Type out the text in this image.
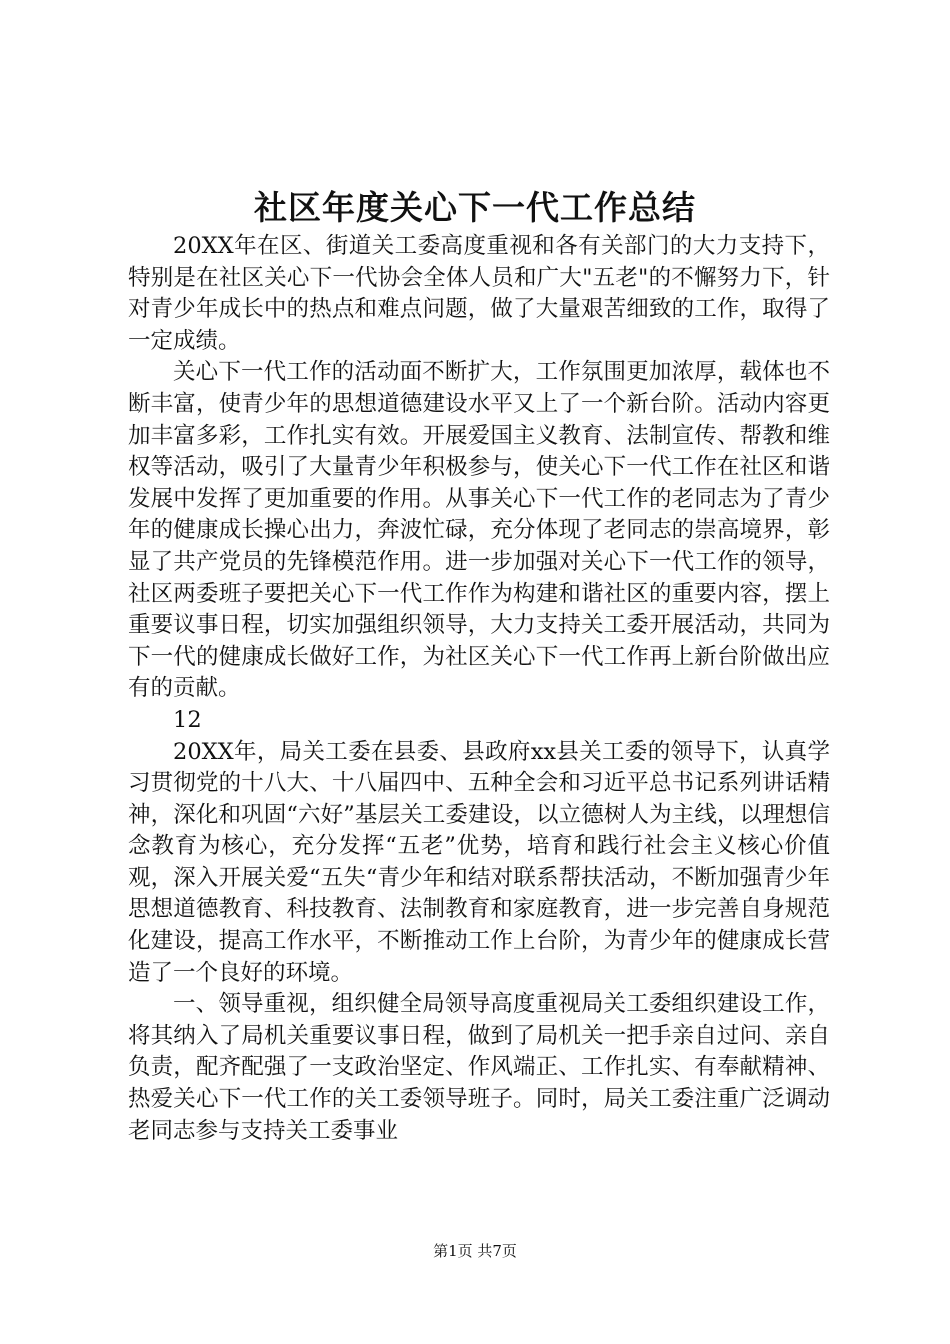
社区年度关心下一代工作总结

20XX年在区、街道关工委高度重视和各有关部门的大力支持下，特别是在社区关心下一代协会全体人员和广大"五老"的不懈努力下，针对青少年成长中的热点和难点问题，做了大量艰苦细致的工作，取得了一定成绩。

关心下一代工作的活动面不断扩大，工作氛围更加浓厚，载体也不断丰富，使青少年的思想道德建设水平又上了一个新台阶。活动内容更加丰富多彩，工作扎实有效。开展爱国主义教育、法制宣传、帮教和维权等活动，吸引了大量青少年积极参与，使关心下一代工作在社区和谐发展中发挥了更加重要的作用。从事关心下一代工作的老同志为了青少年的健康成长操心出力，奔波忙碌，充分体现了老同志的崇高境界，彰显了共产党员的先锋模范作用。进一步加强对关心下一代工作的领导，社区两委班子要把关心下一代工作作为构建和谐社区的重要内容，摆上重要议事日程，切实加强组织领导，大力支持关工委开展活动，共同为下一代的健康成长做好工作，为社区关心下一代工作再上新台阶做出应有的贡献。

12

20XX年，局关工委在县委、县政府xx县关工委的领导下，认真学习贯彻党的十八大、十八届四中、五种全会和习近平总书记系列讲话精神，深化和巩固“六好”基层关工委建设，以立德树人为主线，以理想信念教育为核心，充分发挥“五老”优势，培育和践行社会主义核心价值观，深入开展关爱“五失“青少年和结对联系帮扶活动，不断加强青少年思想道德教育、科技教育、法制教育和家庭教育，进一步完善自身规范化建设，提高工作水平，不断推动工作上台阶，为青少年的健康成长营造了一个良好的环境。

一、领导重视，组织健全局领导高度重视局关工委组织建设工作，将其纳入了局机关重要议事日程，做到了局机关一把手亲自过问、亲自负责，配齐配强了一支政治坚定、作风端正、工作扎实、有奉献精神、热爱关心下一代工作的关工委领导班子。同时，局关工委注重广泛调动老同志参与支持关工委事业

第1页 共7页
